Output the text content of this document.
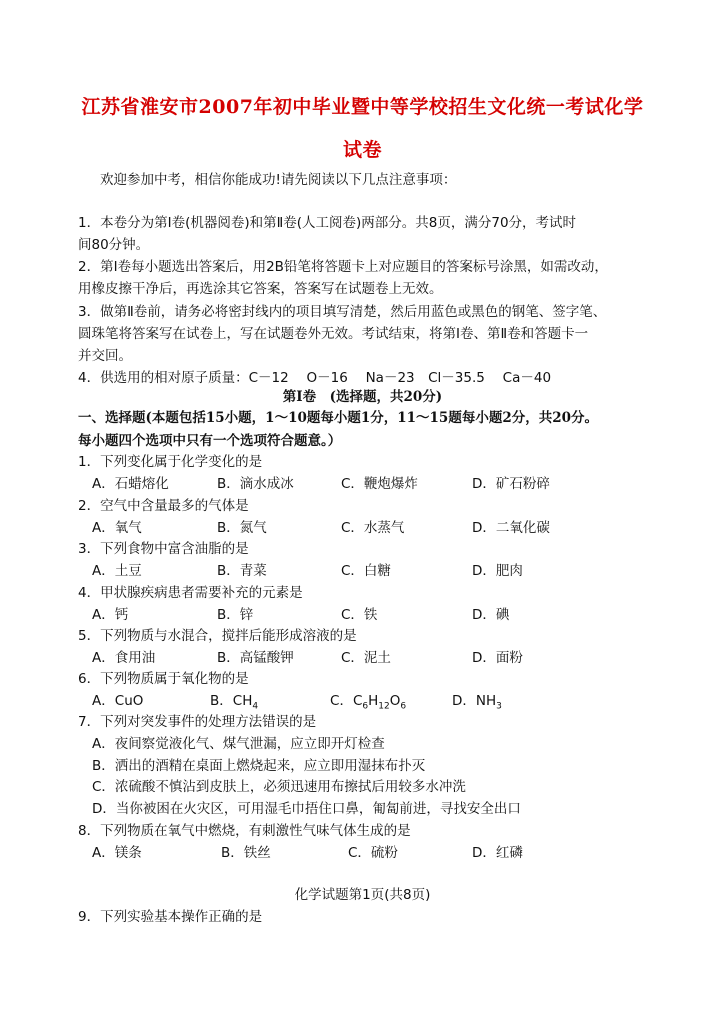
江苏省淮安市2007年初中毕业暨中等学校招生文化统一考试化学
试卷
欢迎参加中考，相信你能成功!请先阅读以下几点注意事项：
1．本卷分为第Ⅰ卷(机器阅卷)和第Ⅱ卷(人工阅卷)两部分。共8页，满分70分，考试时
间80分钟。
2．第Ⅰ卷每小题选出答案后，用2B铅笔将答题卡上对应题目的答案标号涂黑，如需改动，
用橡皮擦干净后，再选涂其它答案，答案写在试题卷上无效。
3．做第Ⅱ卷前，请务必将密封线内的项目填写清楚，然后用蓝色或黑色的钢笔、签字笔、
圆珠笔将答案写在试卷上，写在试题卷外无效。考试结束，将第Ⅰ卷、第Ⅱ卷和答题卡一
并交回。
4．供选用的相对原子质量：C－12　 O－16　 Na－23　Cl－35.5　 Ca－40
第Ⅰ卷　(选择题，共20分)
一、选择题(本题包括15小题，1～10题每小题1分，11～15题每小题2分，共20分。
每小题四个选项中只有一个选项符合题意。）
1．下列变化属于化学变化的是
A．石蜡熔化	B．滴水成冰	C．鞭炮爆炸	D．矿石粉碎
2．空气中含量最多的气体是
A．氧气	B．氮气	C．水蒸气	D．二氧化碳
3．下列食物中富含油脂的是
A．土豆	B．青菜	C．白糖	D．肥肉
4．甲状腺疾病患者需要补充的元素是
A．钙	B．锌	C．铁	D．碘
5．下列物质与水混合，搅拌后能形成溶液的是
A．食用油	B．高锰酸钾	C．泥土	D．面粉
6．下列物质属于氧化物的是
A．CuO	B．$CH_4$	C．$C_6H_{12}O_6$	D．$NH_3$
7．下列对突发事件的处理方法错误的是
A．夜间察觉液化气、煤气泄漏，应立即开灯检查
B．洒出的酒精在桌面上燃烧起来，应立即用湿抹布扑灭
C．浓硫酸不慎沾到皮肤上，必须迅速用布擦拭后用较多水冲洗
D．当你被困在火灾区，可用湿毛巾捂住口鼻，匍匐前进，寻找安全出口
8．下列物质在氧气中燃烧，有刺激性气味气体生成的是
A．镁条	B．铁丝	C．硫粉	D．红磷
化学试题第1页(共8页)
9．下列实验基本操作正确的是
